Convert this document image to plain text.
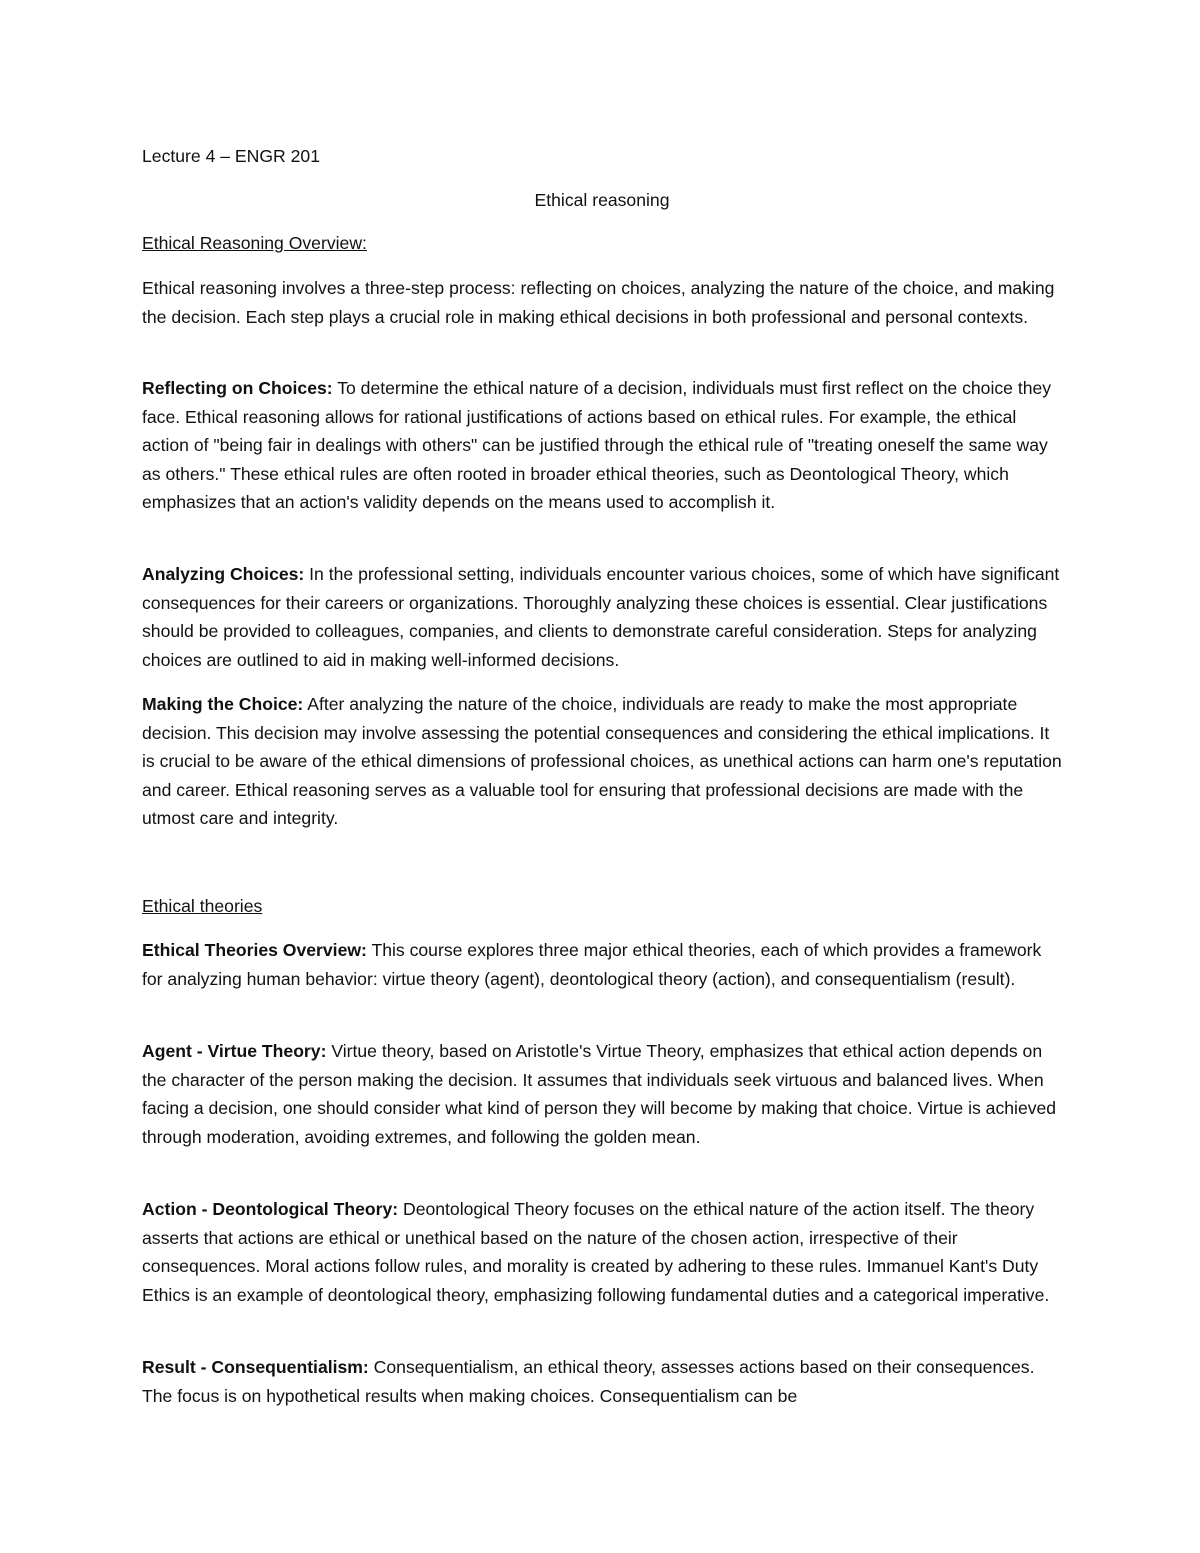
Lecture 4 – ENGR 201
Ethical reasoning
Ethical Reasoning Overview:

Ethical reasoning involves a three-step process: reflecting on choices, analyzing the nature of the choice, and making the decision. Each step plays a crucial role in making ethical decisions in both professional and personal contexts.

Reflecting on Choices: To determine the ethical nature of a decision, individuals must first reflect on the choice they face. Ethical reasoning allows for rational justifications of actions based on ethical rules. For example, the ethical action of "being fair in dealings with others" can be justified through the ethical rule of "treating oneself the same way as others." These ethical rules are often rooted in broader ethical theories, such as Deontological Theory, which emphasizes that an action's validity depends on the means used to accomplish it.

Analyzing Choices: In the professional setting, individuals encounter various choices, some of which have significant consequences for their careers or organizations. Thoroughly analyzing these choices is essential. Clear justifications should be provided to colleagues, companies, and clients to demonstrate careful consideration. Steps for analyzing choices are outlined to aid in making well-informed decisions.

Making the Choice: After analyzing the nature of the choice, individuals are ready to make the most appropriate decision. This decision may involve assessing the potential consequences and considering the ethical implications. It is crucial to be aware of the ethical dimensions of professional choices, as unethical actions can harm one's reputation and career. Ethical reasoning serves as a valuable tool for ensuring that professional decisions are made with the utmost care and integrity.

Ethical theories

Ethical Theories Overview: This course explores three major ethical theories, each of which provides a framework for analyzing human behavior: virtue theory (agent), deontological theory (action), and consequentialism (result).

Agent - Virtue Theory: Virtue theory, based on Aristotle's Virtue Theory, emphasizes that ethical action depends on the character of the person making the decision. It assumes that individuals seek virtuous and balanced lives. When facing a decision, one should consider what kind of person they will become by making that choice. Virtue is achieved through moderation, avoiding extremes, and following the golden mean.

Action - Deontological Theory: Deontological Theory focuses on the ethical nature of the action itself. The theory asserts that actions are ethical or unethical based on the nature of the chosen action, irrespective of their consequences. Moral actions follow rules, and morality is created by adhering to these rules. Immanuel Kant's Duty Ethics is an example of deontological theory, emphasizing following fundamental duties and a categorical imperative.

Result - Consequentialism: Consequentialism, an ethical theory, assesses actions based on their consequences. The focus is on hypothetical results when making choices. Consequentialism can be
